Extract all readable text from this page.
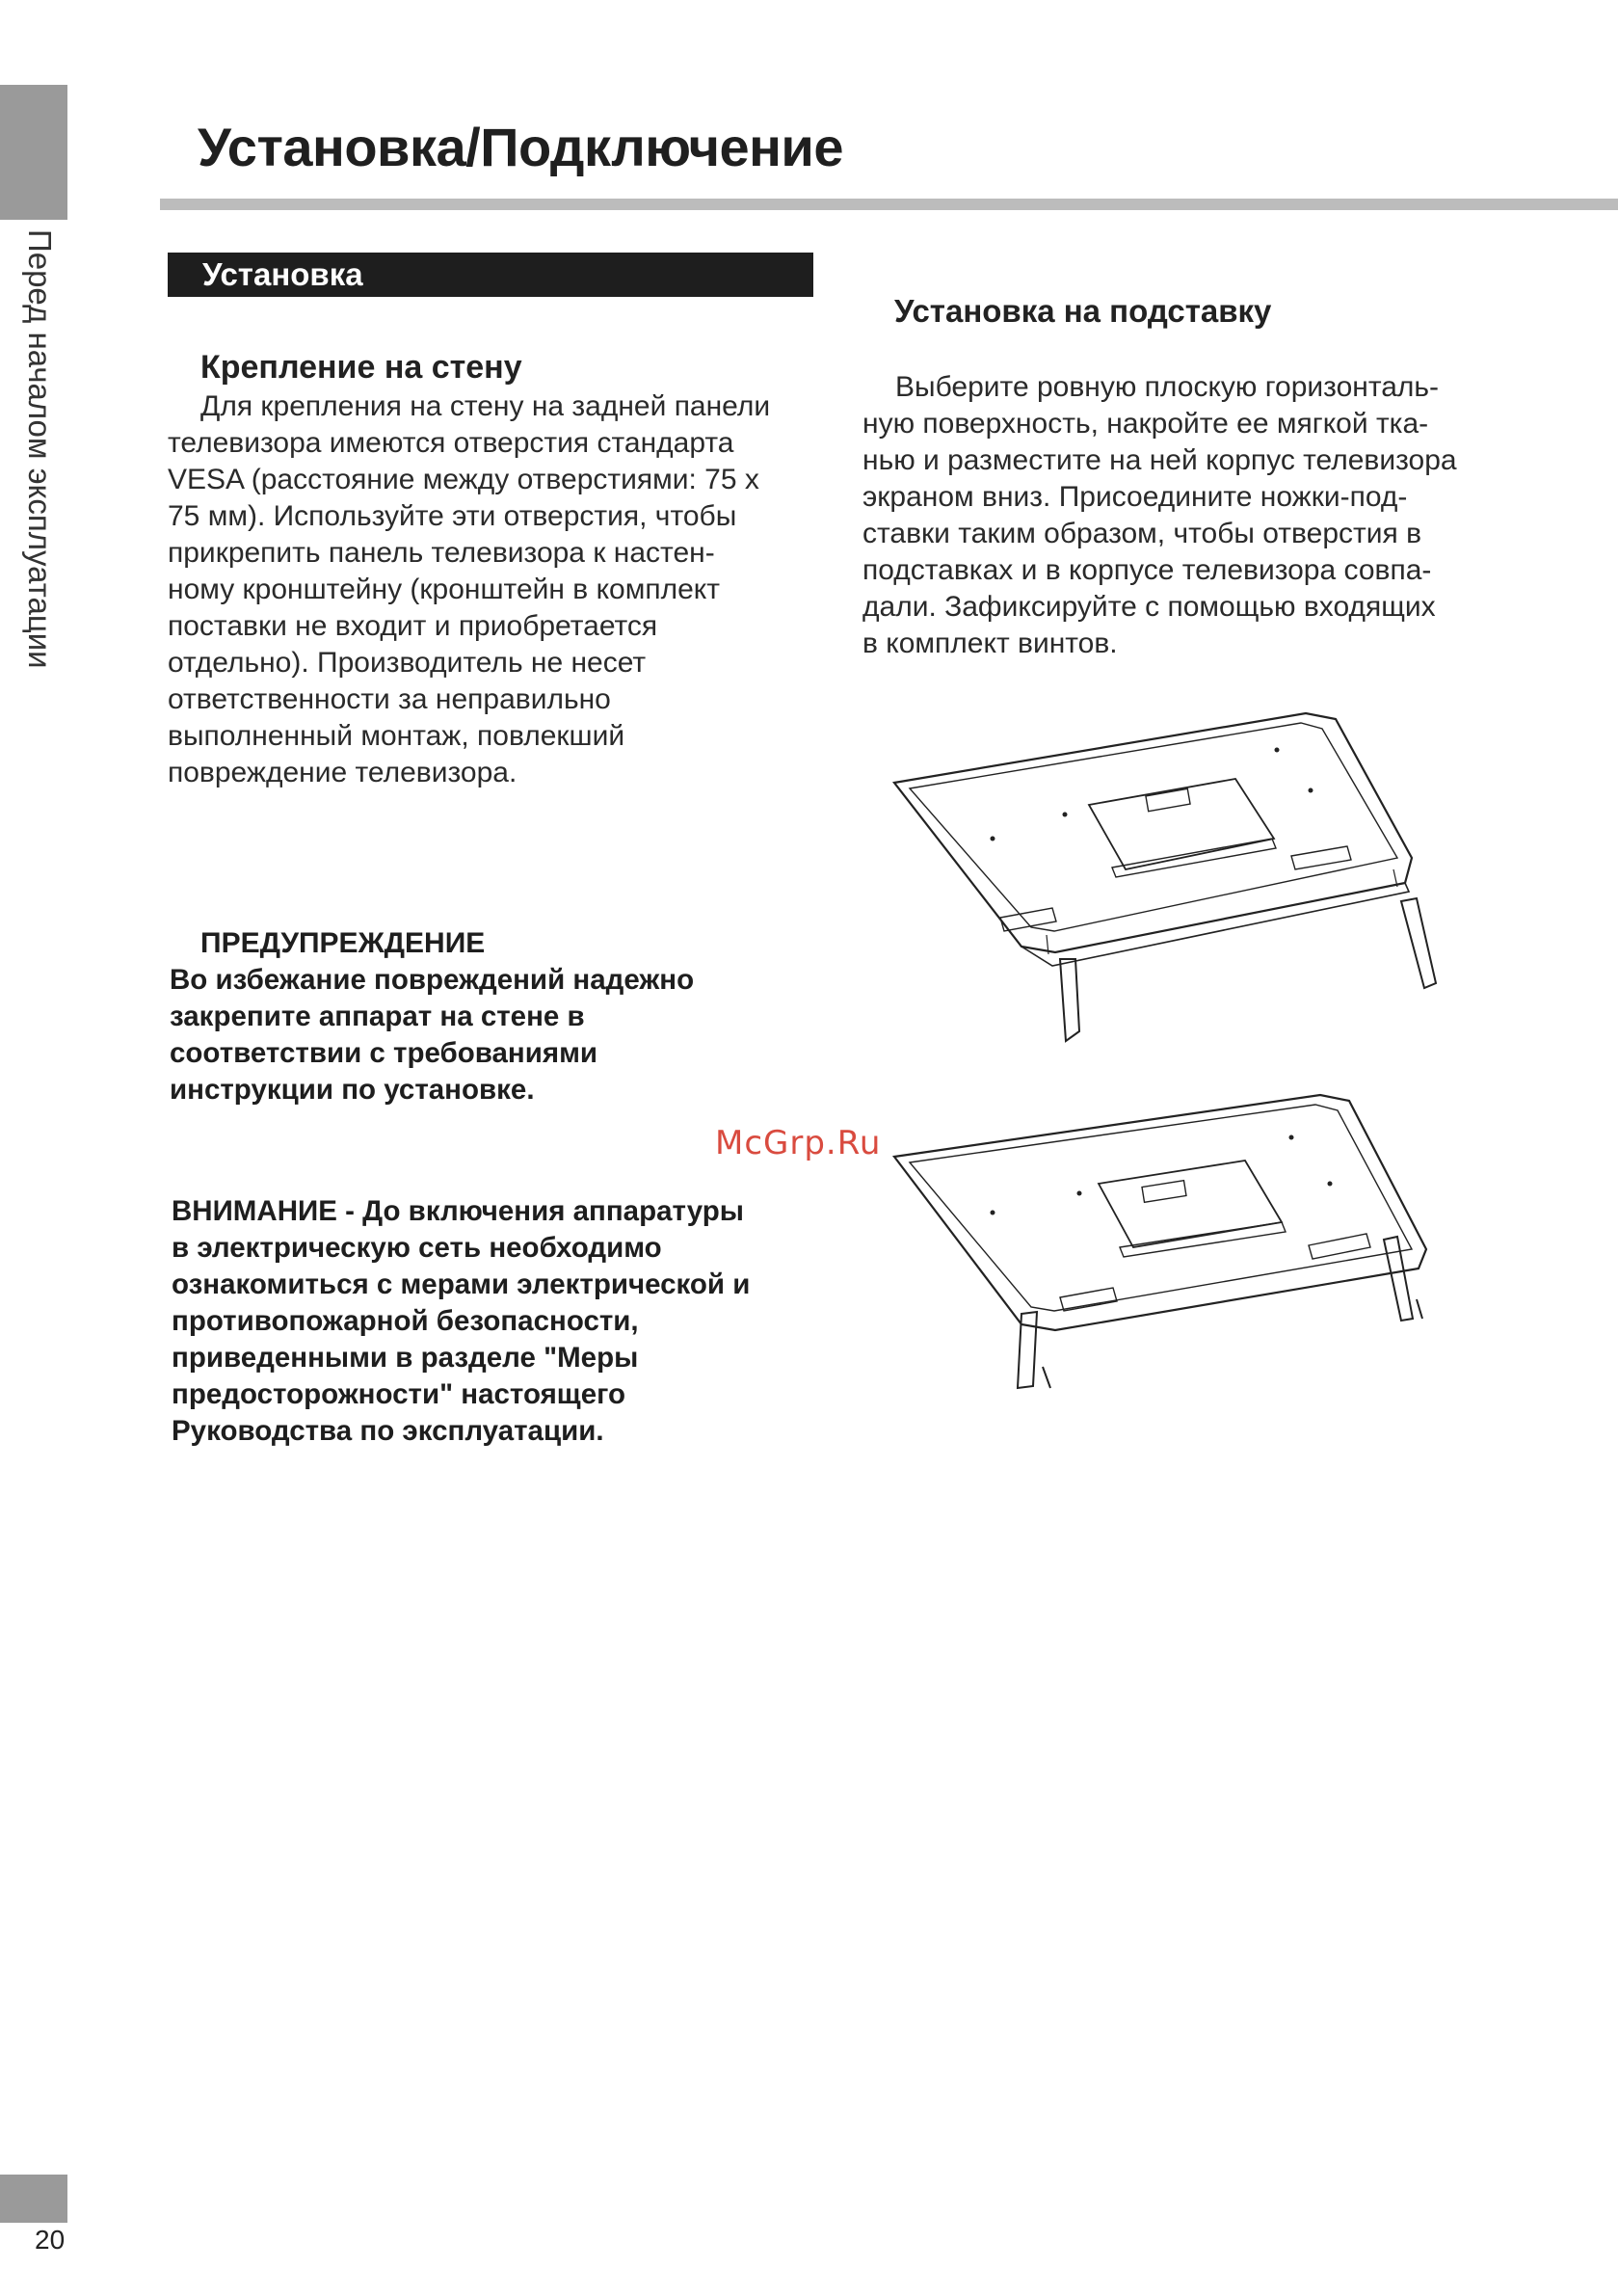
Перед началом эксплуатации
20
Установка/Подключение
Установка
Крепление на стену
Для крепления на стену на задней панели
телевизора имеются отверстия стандарта
VESA (расстояние между отверстиями: 75 х
75 мм). Используйте эти отверстия, чтобы
прикрепить панель телевизора к настен-
ному кронштейну (кронштейн в комплект
поставки не входит и приобретается
отдельно). Производитель не несет
ответственности за неправильно
выполненный монтаж, повлекший
повреждение телевизора.
ПРЕДУПРЕЖДЕНИЕ
Во избежание повреждений надежно
закрепите аппарат на стене в
соответствии с требованиями
инструкции по установке.
ВНИМАНИЕ - До включения аппаратуры
в электрическую сеть необходимо
ознакомиться с мерами электрической и
противопожарной безопасности,
приведенными в разделе "Меры
предосторожности" настоящего
Руководства по эксплуатации.
Установка на подставку
Выберите ровную плоскую горизонталь-
ную поверхность, накройте ее мягкой тка-
нью и разместите на ней корпус телевизора
экраном вниз. Присоедините ножки-под-
ставки таким образом, чтобы отверстия в
подставках и в корпусе телевизора совпа-
дали. Зафиксируйте с помощью входящих
в комплект винтов.
McGrp.Ru
